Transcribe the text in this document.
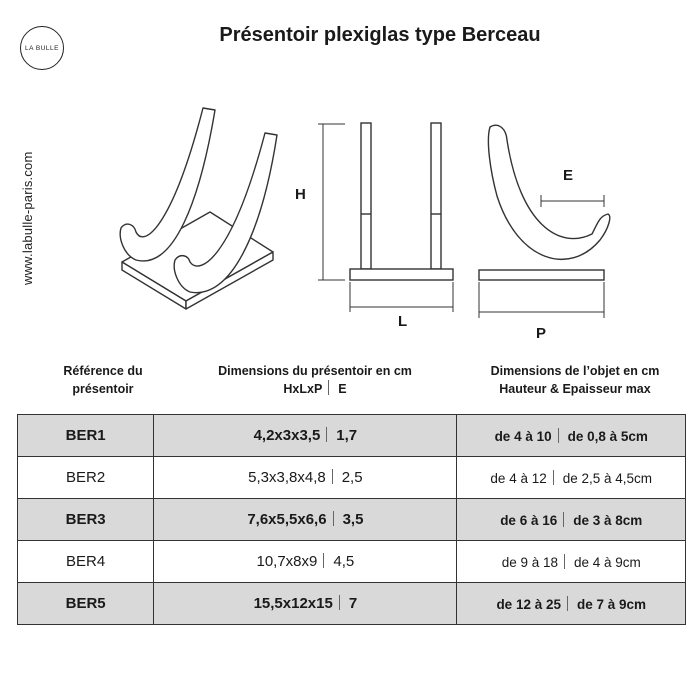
LA BULLE
www.labulle-paris.com
Présentoir plexiglas type Berceau
H
L
E
P
Référence du
présentoir
Dimensions du présentoir en cm
HxLxP E
Dimensions de l’objet en cm
Hauteur & Epaisseur max
BER1	4,2x3x3,5 1,7	de 4 à 10 de 0,8 à 5cm
BER2	5,3x3,8x4,8 2,5	de 4 à 12 de 2,5 à 4,5cm
BER3	7,6x5,5x6,6 3,5	de 6 à 16 de 3 à 8cm
BER4	10,7x8x9 4,5	de 9 à 18 de 4 à 9cm
BER5	15,5x12x15 7	de 12 à 25 de 7 à 9cm
